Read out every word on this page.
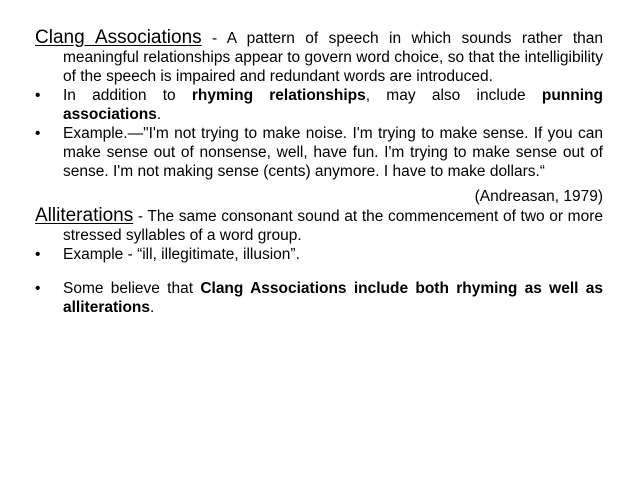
Clang Associations - A pattern of speech in which sounds rather than meaningful relationships appear to govern word choice, so that the intelligibility of the speech is impaired and redundant words are introduced.

•	In addition to rhyming relationships, may also include punning associations.
•	Example.—"I'm not trying to make noise. I'm trying to make sense. If you can make sense out of nonsense, well, have fun. I'm trying to make sense out of sense. I'm not making sense (cents) anymore. I have to make dollars.“

(Andreasan, 1979)

Alliterations - The same consonant sound at the commencement of two or more stressed syllables of a word group.

•	Example - “ill, illegitimate, illusion”.
•	Some believe that Clang Associations include both rhyming as well as alliterations.
